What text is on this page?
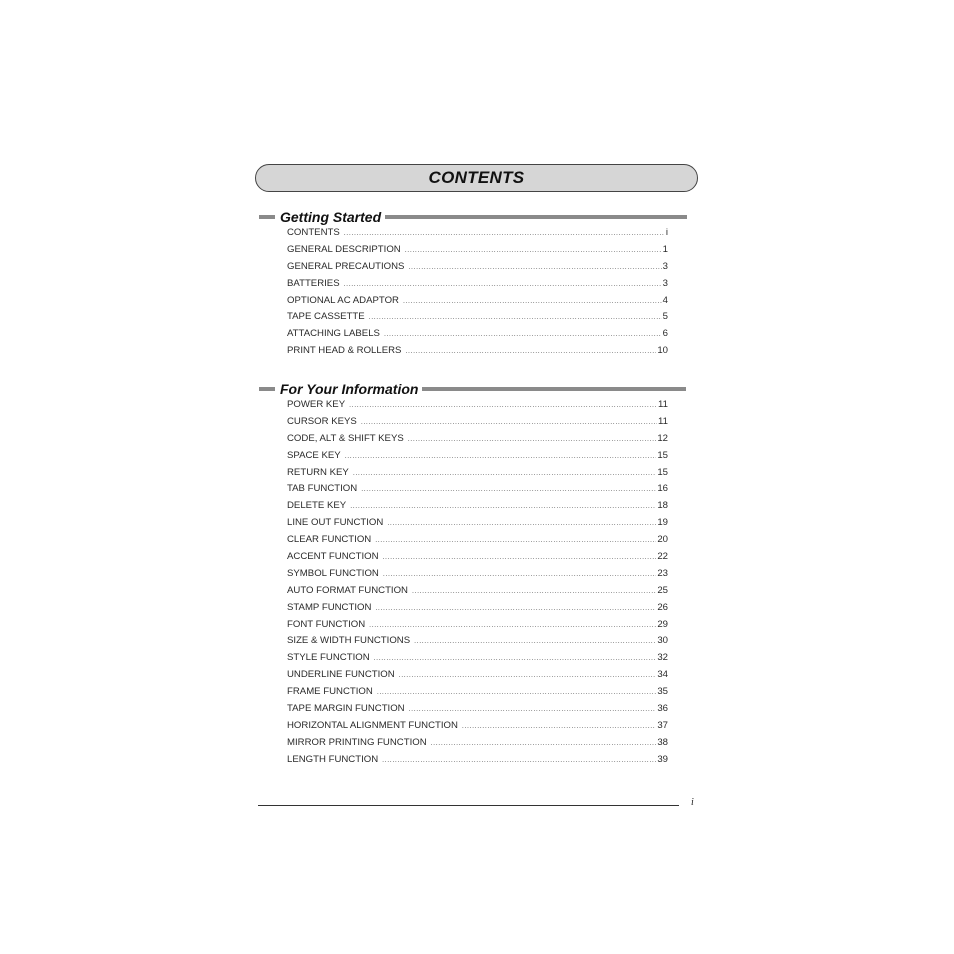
CONTENTS
Getting Started
CONTENTS .....	i
GENERAL DESCRIPTION .....	1
GENERAL PRECAUTIONS .....	3
BATTERIES .....	3
OPTIONAL AC ADAPTOR .....	4
TAPE CASSETTE .....	5
ATTACHING LABELS .....	6
PRINT HEAD & ROLLERS .....	10
For Your Information
POWER KEY .....	11
CURSOR KEYS .....	11
CODE, ALT & SHIFT KEYS .....	12
SPACE KEY .....	15
RETURN KEY .....	15
TAB FUNCTION .....	16
DELETE KEY .....	18
LINE OUT FUNCTION .....	19
CLEAR FUNCTION .....	20
ACCENT FUNCTION .....	22
SYMBOL FUNCTION .....	23
AUTO FORMAT FUNCTION .....	25
STAMP FUNCTION .....	26
FONT FUNCTION .....	29
SIZE & WIDTH FUNCTIONS .....	30
STYLE FUNCTION .....	32
UNDERLINE FUNCTION .....	34
FRAME FUNCTION .....	35
TAPE MARGIN FUNCTION .....	36
HORIZONTAL ALIGNMENT FUNCTION .....	37
MIRROR PRINTING FUNCTION .....	38
LENGTH FUNCTION .....	39
i
